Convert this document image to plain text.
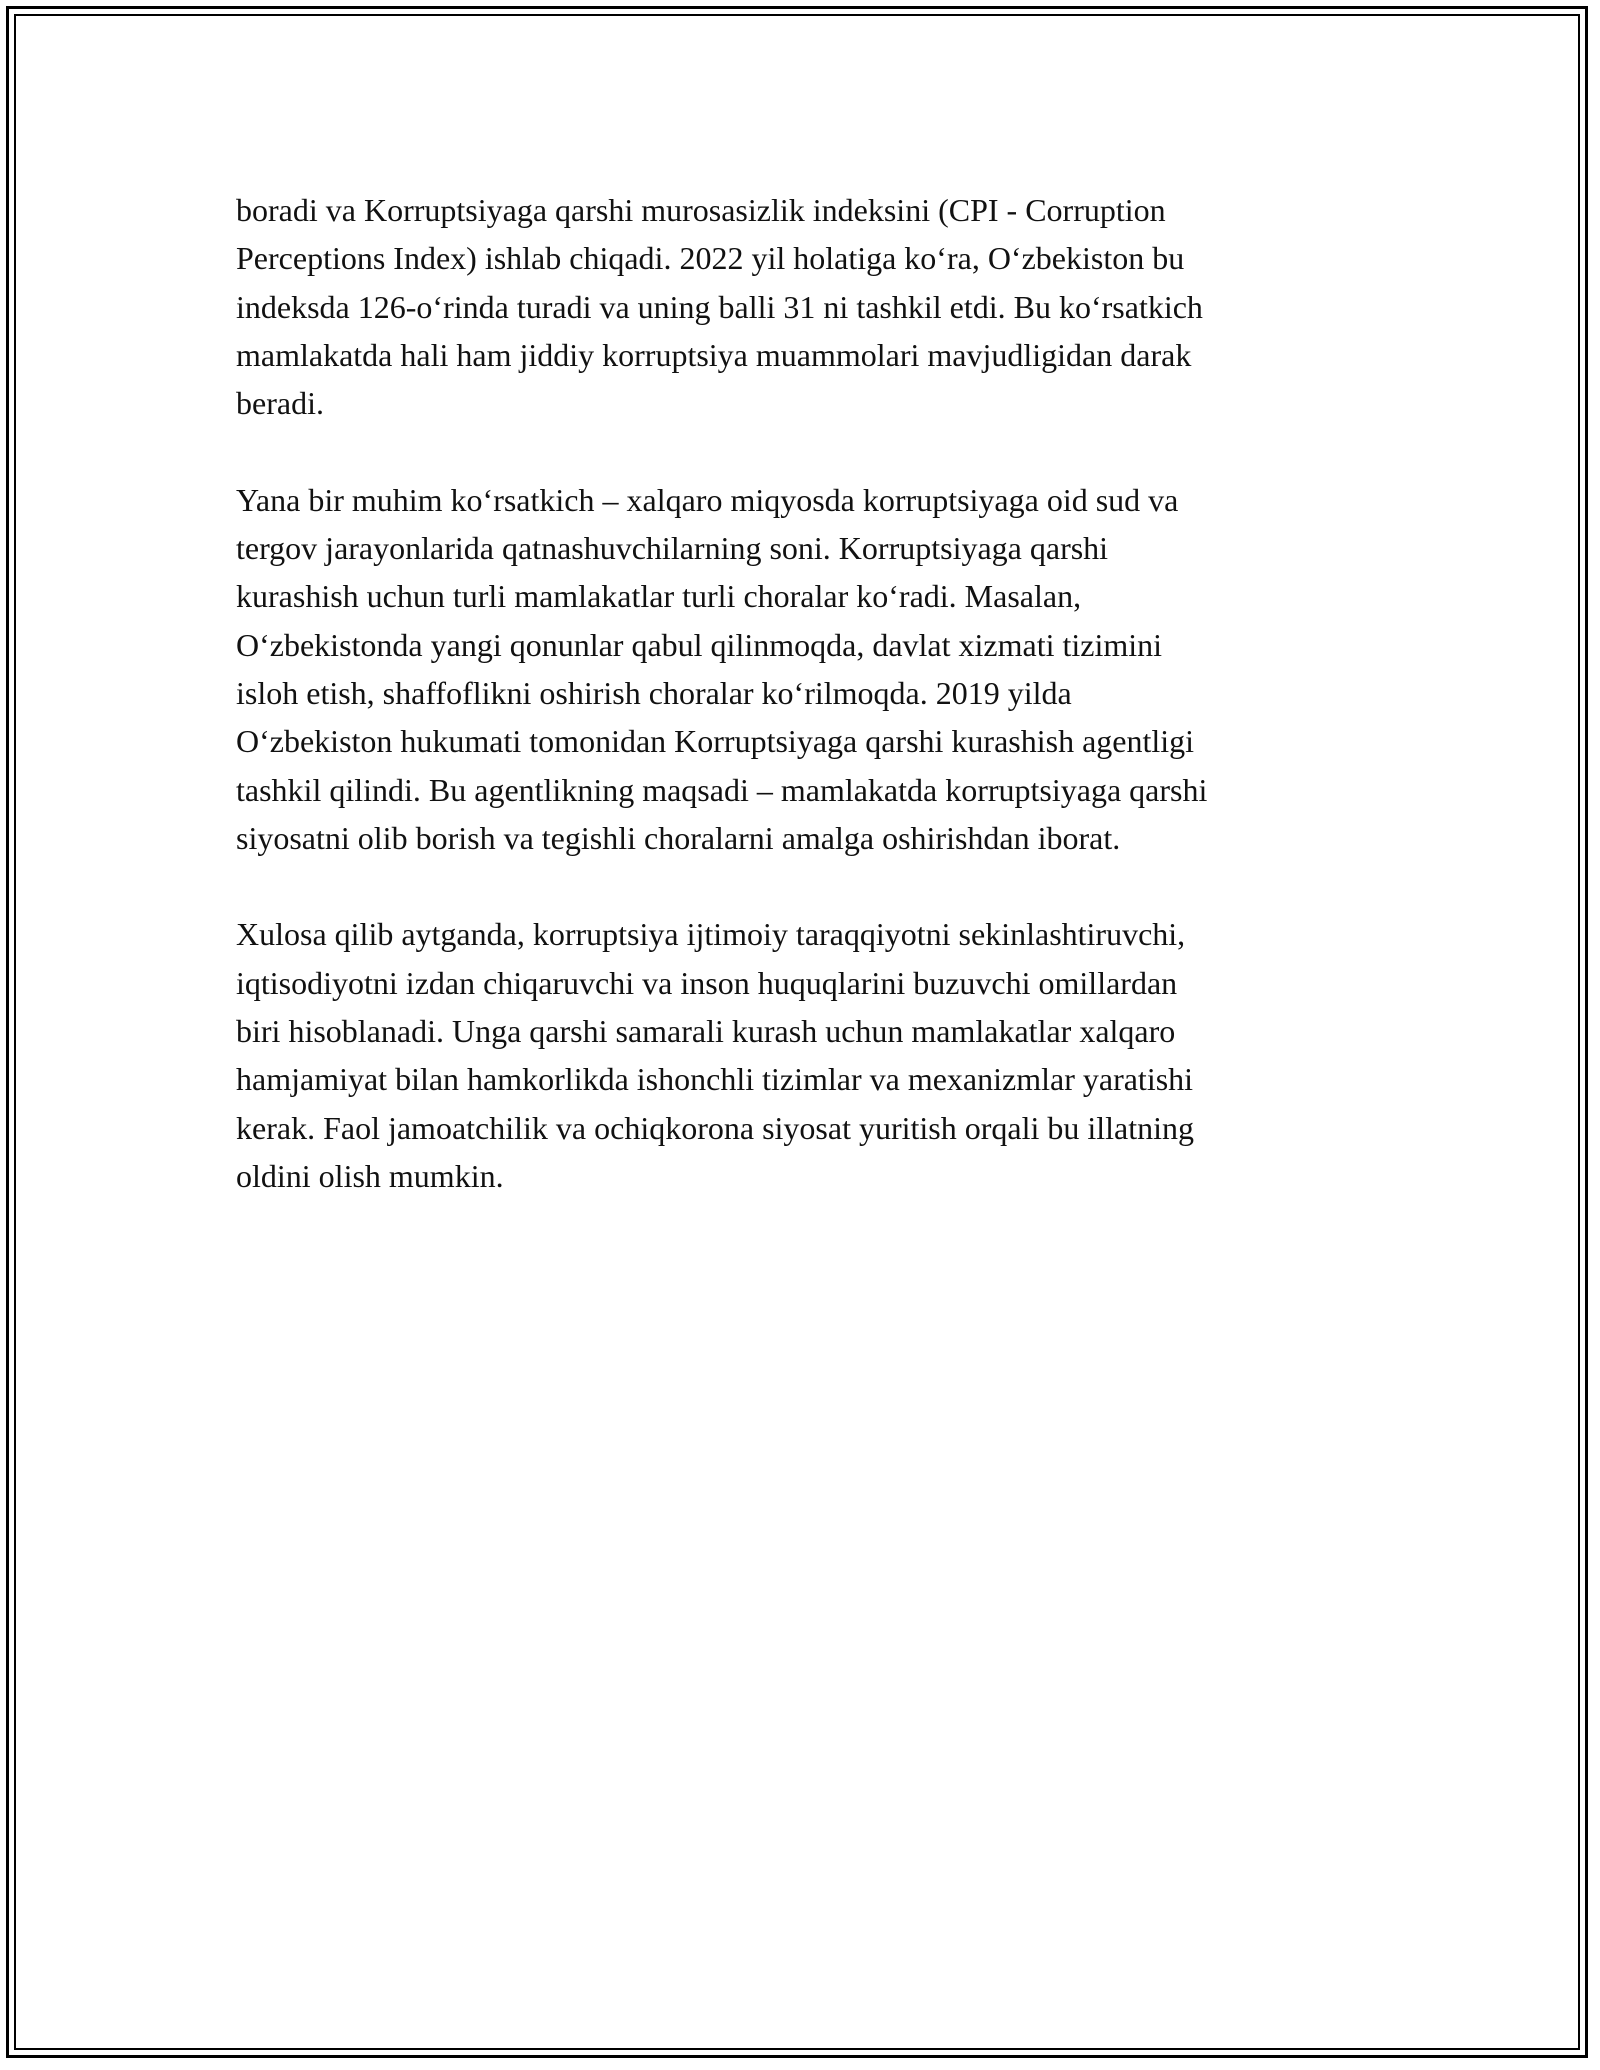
boradi va Korruptsiyaga qarshi murosasizlik indeksini (CPI - Corruption
Perceptions Index) ishlab chiqadi. 2022 yil holatiga ko‘ra, O‘zbekiston bu
indeksda 126-o‘rinda turadi va uning balli 31 ni tashkil etdi. Bu ko‘rsatkich
mamlakatda hali ham jiddiy korruptsiya muammolari mavjudligidan darak
beradi.

Yana bir muhim ko‘rsatkich – xalqaro miqyosda korruptsiyaga oid sud va
tergov jarayonlarida qatnashuvchilarning soni. Korruptsiyaga qarshi
kurashish uchun turli mamlakatlar turli choralar ko‘radi. Masalan,
O‘zbekistonda yangi qonunlar qabul qilinmoqda, davlat xizmati tizimini
isloh etish, shaffoflikni oshirish choralar ko‘rilmoqda. 2019 yilda
O‘zbekiston hukumati tomonidan Korruptsiyaga qarshi kurashish agentligi
tashkil qilindi. Bu agentlikning maqsadi – mamlakatda korruptsiyaga qarshi
siyosatni olib borish va tegishli choralarni amalga oshirishdan iborat.

Xulosa qilib aytganda, korruptsiya ijtimoiy taraqqiyotni sekinlashtiruvchi,
iqtisodiyotni izdan chiqaruvchi va inson huquqlarini buzuvchi omillardan
biri hisoblanadi. Unga qarshi samarali kurash uchun mamlakatlar xalqaro
hamjamiyat bilan hamkorlikda ishonchli tizimlar va mexanizmlar yaratishi
kerak. Faol jamoatchilik va ochiqkorona siyosat yuritish orqali bu illatning
oldini olish mumkin.
